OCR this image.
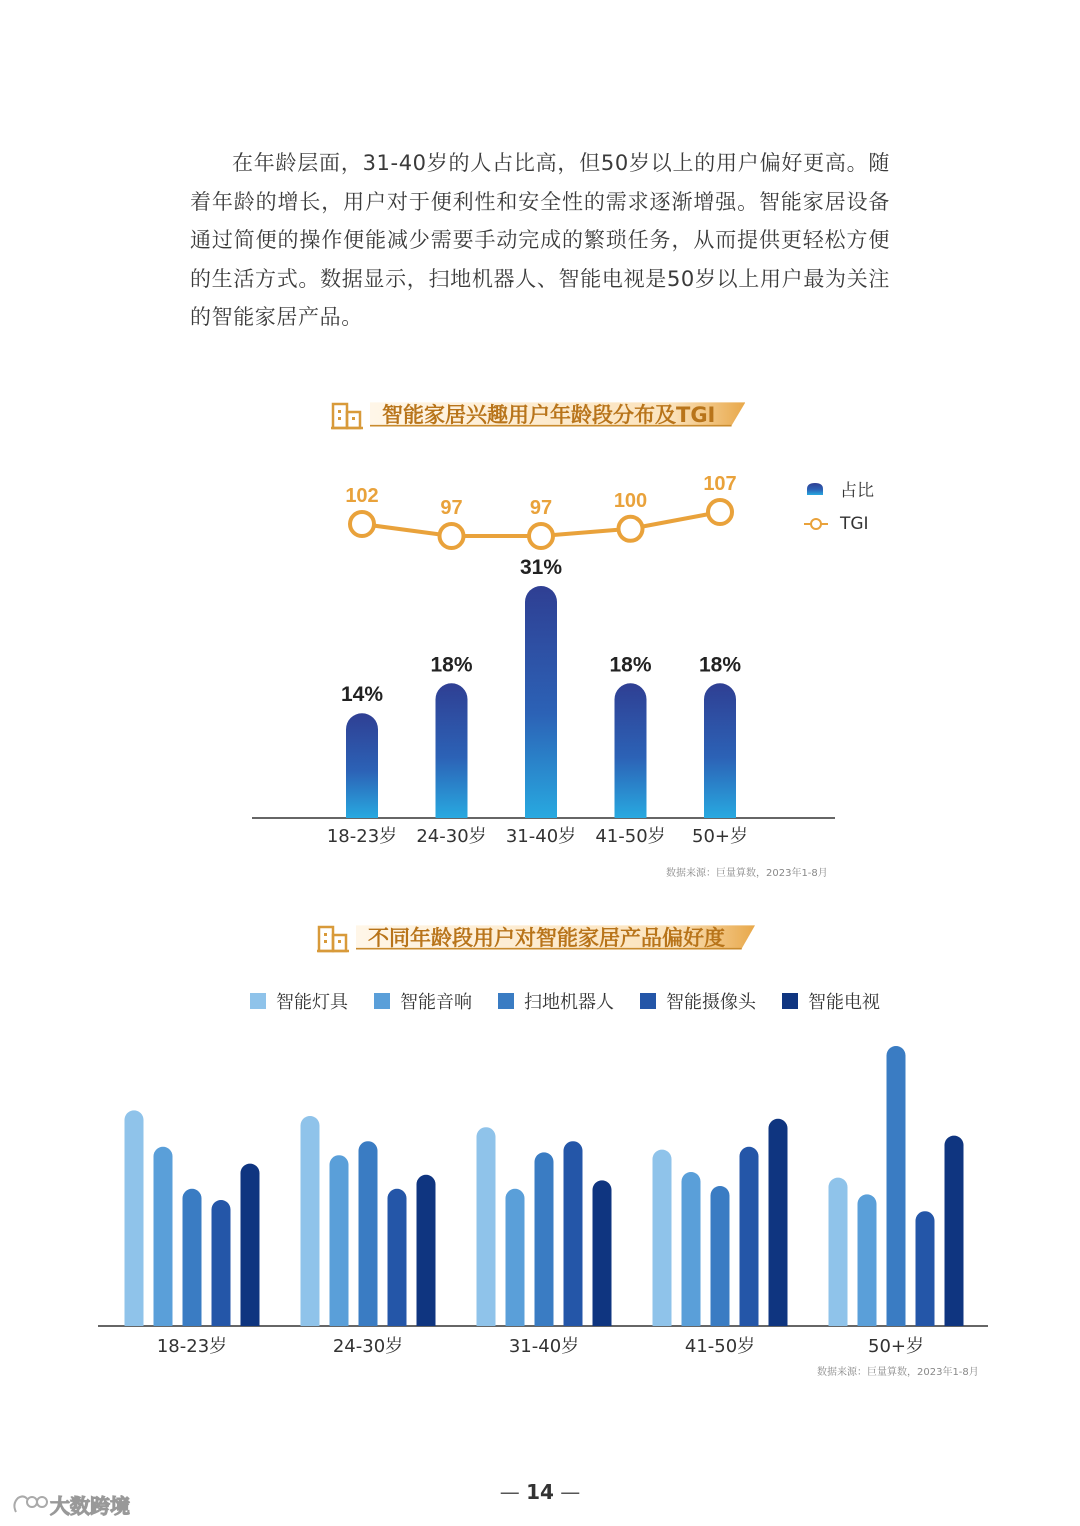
在年龄层面，31-40岁的人占比高，但50岁以上的用户偏好更高。随着年龄的增长，用户对于便利性和安全性的需求逐渐增强。智能家居设备通过简便的操作便能减少需要手动完成的繁琐任务，从而提供更轻松方便的生活方式。数据显示，扫地机器人、智能电视是50岁以上用户最为关注的智能家居产品。

智能家居兴趣用户年龄段分布及TGI
102
97	97	100
107
14%
18-23岁
18%
24-30岁
31%
31-40岁
18%
41-50岁
18%
50+岁
占比
TGI
数据来源：巨量算数，2023年1-8月
不同年龄段用户对智能家居产品偏好度
智能灯具	智能音响	扫地机器人	智能摄像头	智能电视
18-23岁	24-30岁	31-40岁	41-50岁	50+岁
数据来源：巨量算数，2023年1-8月
— 14 —
大数跨境
